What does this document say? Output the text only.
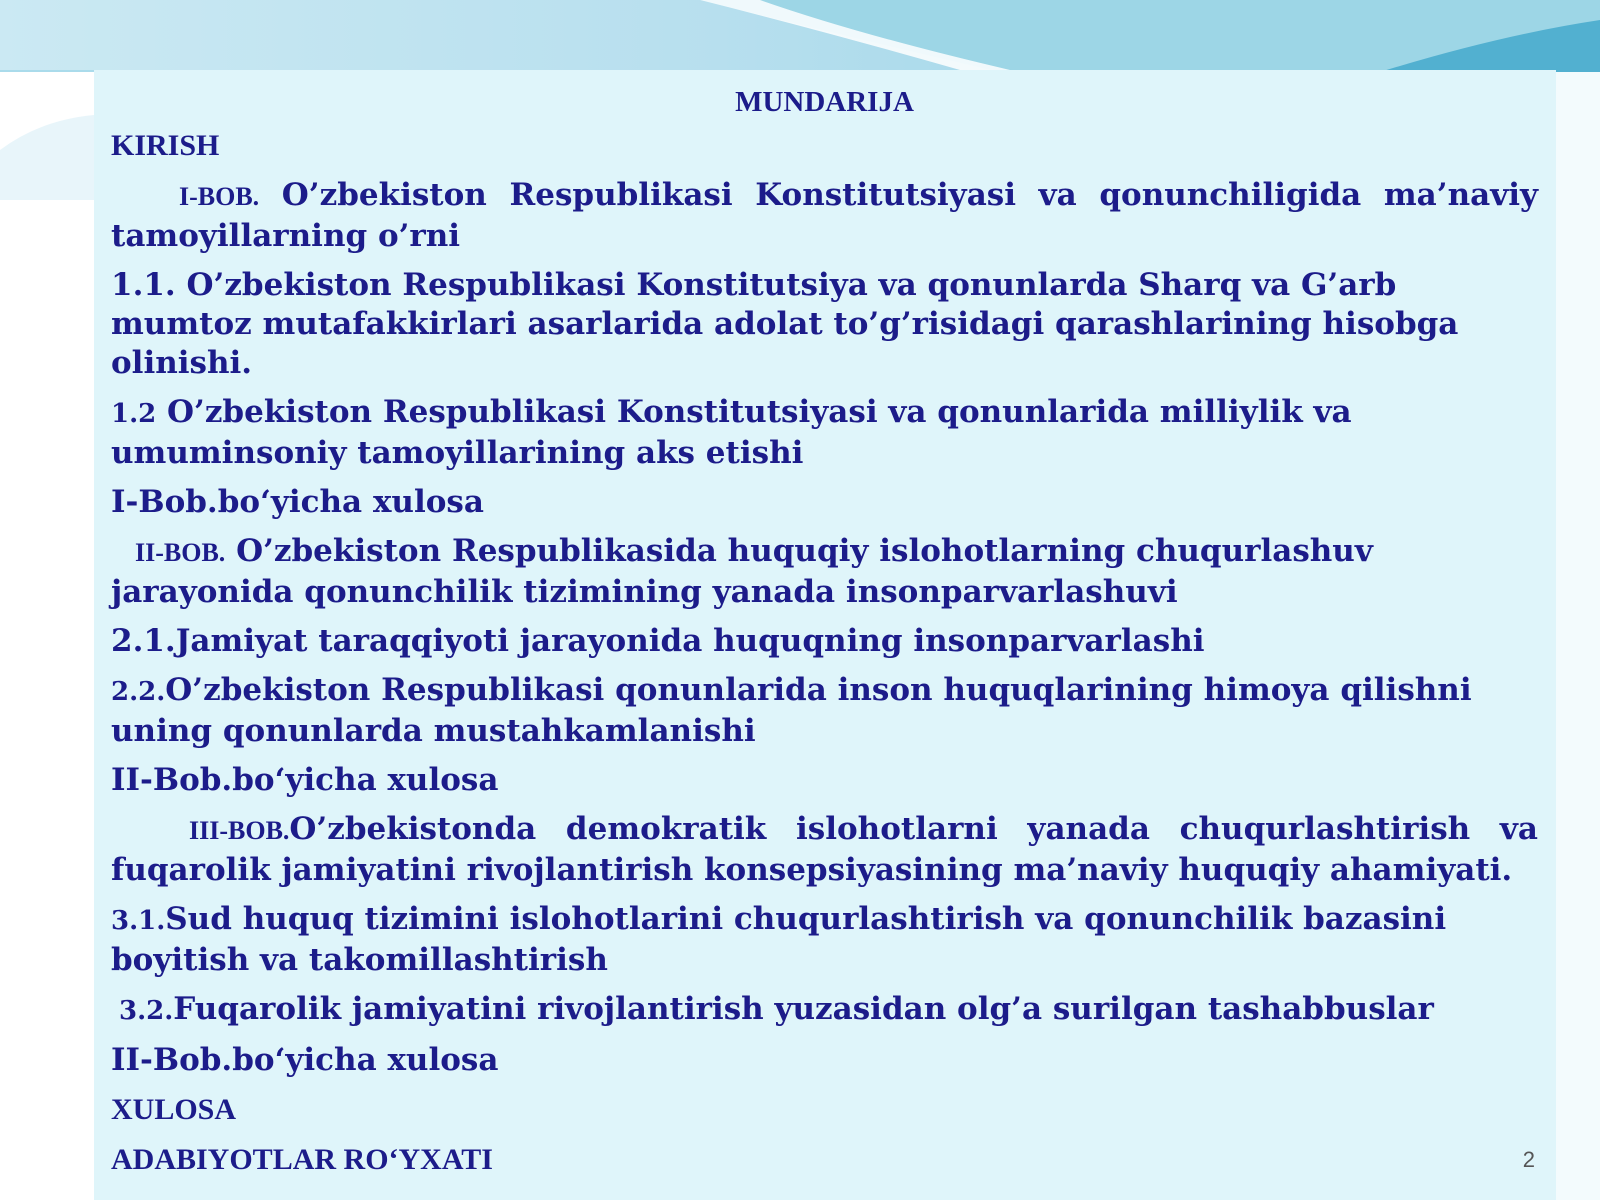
MUNDARIJA

KIRISH

I-BOB. O’zbekiston Respublikasi Konstitutsiyasi va qonunchiligida ma’naviy tamoyillarning o’rni

1.1. O’zbekiston Respublikasi Konstitutsiya va qonunlarda Sharq va G’arb mumtoz mutafakkirlari asarlarida adolat to’g’risidagi qarashlarining hisobga olinishi.

1.2 O’zbekiston Respublikasi Konstitutsiyasi va qonunlarida milliylik va umuminsoniy tamoyillarining aks etishi

I-Bob.bo‘yicha xulosa

II-BOB. O’zbekiston Respublikasida huquqiy islohotlarning chuqurlashuv jarayonida qonunchilik tizimining yanada insonparvarlashuvi

2.1.Jamiyat taraqqiyoti jarayonida huquqning insonparvarlashi

2.2.O’zbekiston Respublikasi qonunlarida inson huquqlarining himoya qilishni uning qonunlarda mustahkamlanishi

II-Bob.bo‘yicha xulosa

III-BOB.O’zbekistonda demokratik islohotlarni yanada chuqurlashtirish va fuqarolik jamiyatini rivojlantirish konsepsiyasining ma’naviy huquqiy ahamiyati.

3.1.Sud huquq tizimini islohotlarini chuqurlashtirish va qonunchilik bazasini boyitish va takomillashtirish

3.2.Fuqarolik jamiyatini rivojlantirish yuzasidan olg’a surilgan tashabbuslar

II-Bob.bo‘yicha xulosa

XULOSA

ADABIYOTLAR RO‘YXATI	2
